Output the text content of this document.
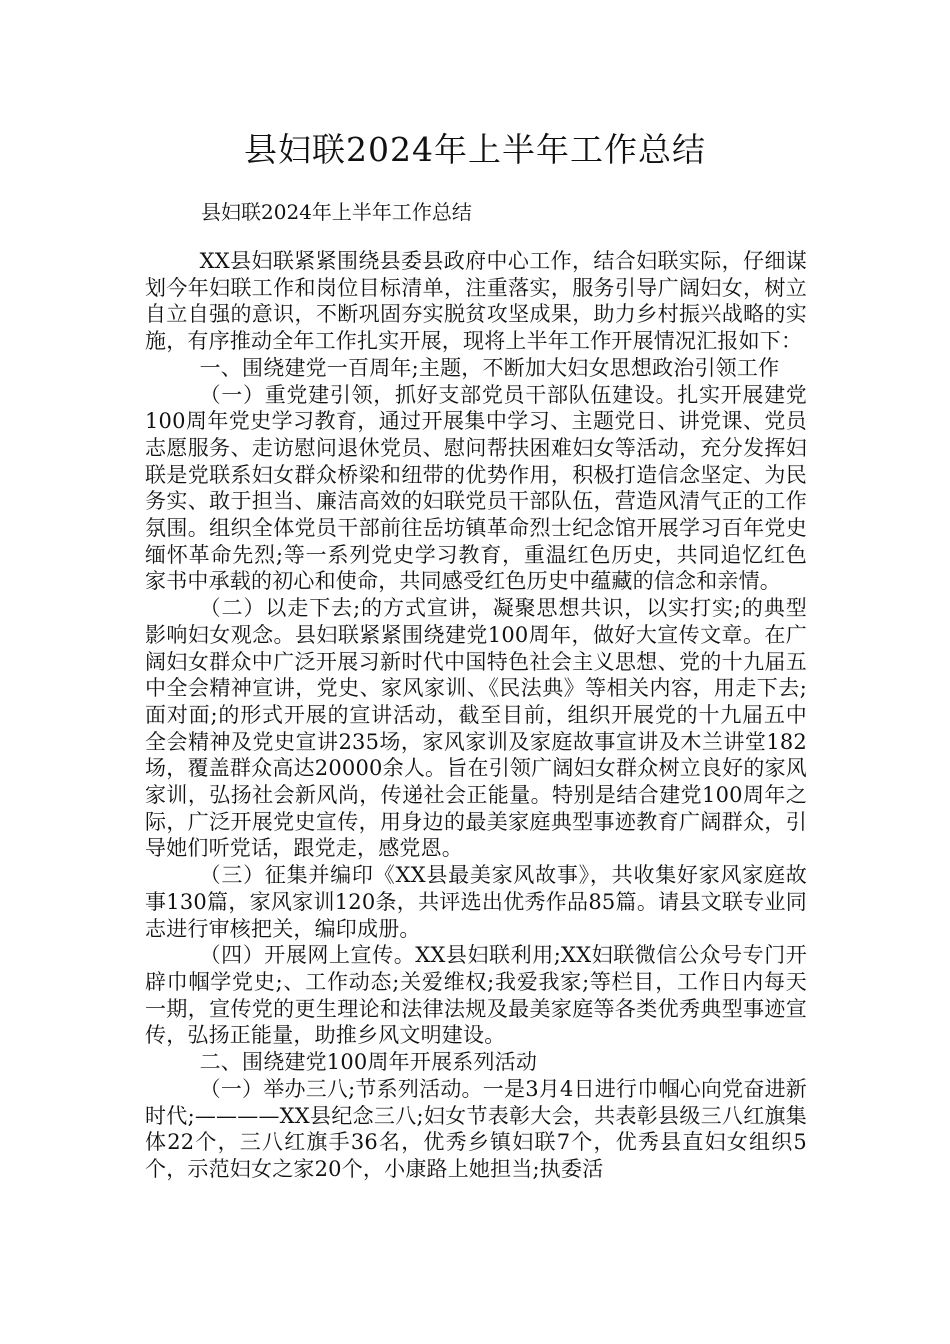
县妇联2024年上半年工作总结
县妇联2024年上半年工作总结

XX县妇联紧紧围绕县委县政府中心工作，结合妇联实际，仔细谋划今年妇联工作和岗位目标清单，注重落实，服务引导广阔妇女，树立自立自强的意识，不断巩固夯实脱贫攻坚成果，助力乡村振兴战略的实施，有序推动全年工作扎实开展，现将上半年工作开展情况汇报如下：

一、围绕建党一百周年;主题，不断加大妇女思想政治引领工作

（一）重党建引领，抓好支部党员干部队伍建设。扎实开展建党100周年党史学习教育，通过开展集中学习、主题党日、讲党课、党员志愿服务、走访慰问退休党员、慰问帮扶困难妇女等活动，充分发挥妇联是党联系妇女群众桥梁和纽带的优势作用，积极打造信念坚定、为民务实、敢于担当、廉洁高效的妇联党员干部队伍，营造风清气正的工作氛围。组织全体党员干部前往岳坊镇革命烈士纪念馆开展学习百年党史缅怀革命先烈;等一系列党史学习教育，重温红色历史，共同追忆红色家书中承载的初心和使命，共同感受红色历史中蕴藏的信念和亲情。

（二）以走下去;的方式宣讲，凝聚思想共识，以实打实;的典型影响妇女观念。县妇联紧紧围绕建党100周年，做好大宣传文章。在广阔妇女群众中广泛开展习新时代中国特色社会主义思想、党的十九届五中全会精神宣讲，党史、家风家训、《民法典》等相关内容，用走下去;面对面;的形式开展的宣讲活动，截至目前，组织开展党的十九届五中全会精神及党史宣讲235场，家风家训及家庭故事宣讲及木兰讲堂182场，覆盖群众高达20000余人。旨在引领广阔妇女群众树立良好的家风家训，弘扬社会新风尚，传递社会正能量。特别是结合建党100周年之际，广泛开展党史宣传，用身边的最美家庭典型事迹教育广阔群众，引导她们听党话，跟党走，感党恩。

（三）征集并编印《XX县最美家风故事》，共收集好家风家庭故事130篇，家风家训120条，共评选出优秀作品85篇。请县文联专业同志进行审核把关，编印成册。

（四）开展网上宣传。XX县妇联利用;XX妇联微信公众号专门开辟巾帼学党史;、工作动态;关爱维权;我爱我家;等栏目，工作日内每天一期，宣传党的更生理论和法律法规及最美家庭等各类优秀典型事迹宣传，弘扬正能量，助推乡风文明建设。

二、围绕建党100周年开展系列活动

（一）举办三八;节系列活动。一是3月4日进行巾帼心向党奋进新时代;————XX县纪念三八;妇女节表彰大会，共表彰县级三八红旗集体22个，三八红旗手36名，优秀乡镇妇联7个，优秀县直妇女组织5个，示范妇女之家20个，小康路上她担当;执委活
